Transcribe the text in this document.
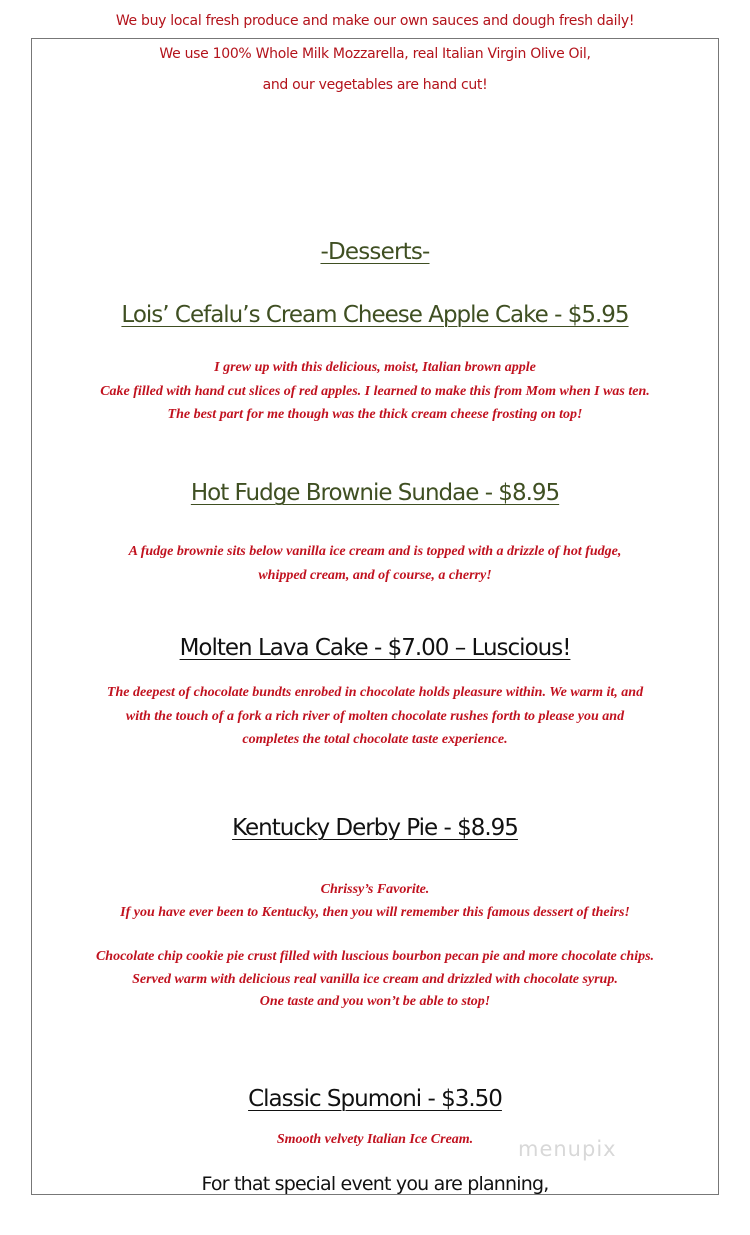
We buy local fresh produce and make our own sauces and dough fresh daily!
We use 100% Whole Milk Mozzarella, real Italian Virgin Olive Oil,
and our vegetables are hand cut!
-Desserts-
Lois’ Cefalu’s Cream Cheese Apple Cake - $5.95
I grew up with this delicious, moist, Italian brown apple
Cake filled with hand cut slices of red apples. I learned to make this from Mom when I was ten.
The best part for me though was the thick cream cheese frosting on top!
Hot Fudge Brownie Sundae - $8.95
A fudge brownie sits below vanilla ice cream and is topped with a drizzle of hot fudge,
whipped cream, and of course, a cherry!
Molten Lava Cake - $7.00 – Luscious!
The deepest of chocolate bundts enrobed in chocolate holds pleasure within. We warm it, and
with the touch of a fork a rich river of molten chocolate rushes forth to please you and
completes the total chocolate taste experience.
Kentucky Derby Pie - $8.95
Chrissy’s Favorite.
If you have ever been to Kentucky, then you will remember this famous dessert of theirs!
Chocolate chip cookie pie crust filled with luscious bourbon pecan pie and more chocolate chips.
Served warm with delicious real vanilla ice cream and drizzled with chocolate syrup.
One taste and you won’t be able to stop!
Classic Spumoni - $3.50
Smooth velvety Italian Ice Cream.	menupix
For that special event you are planning,
